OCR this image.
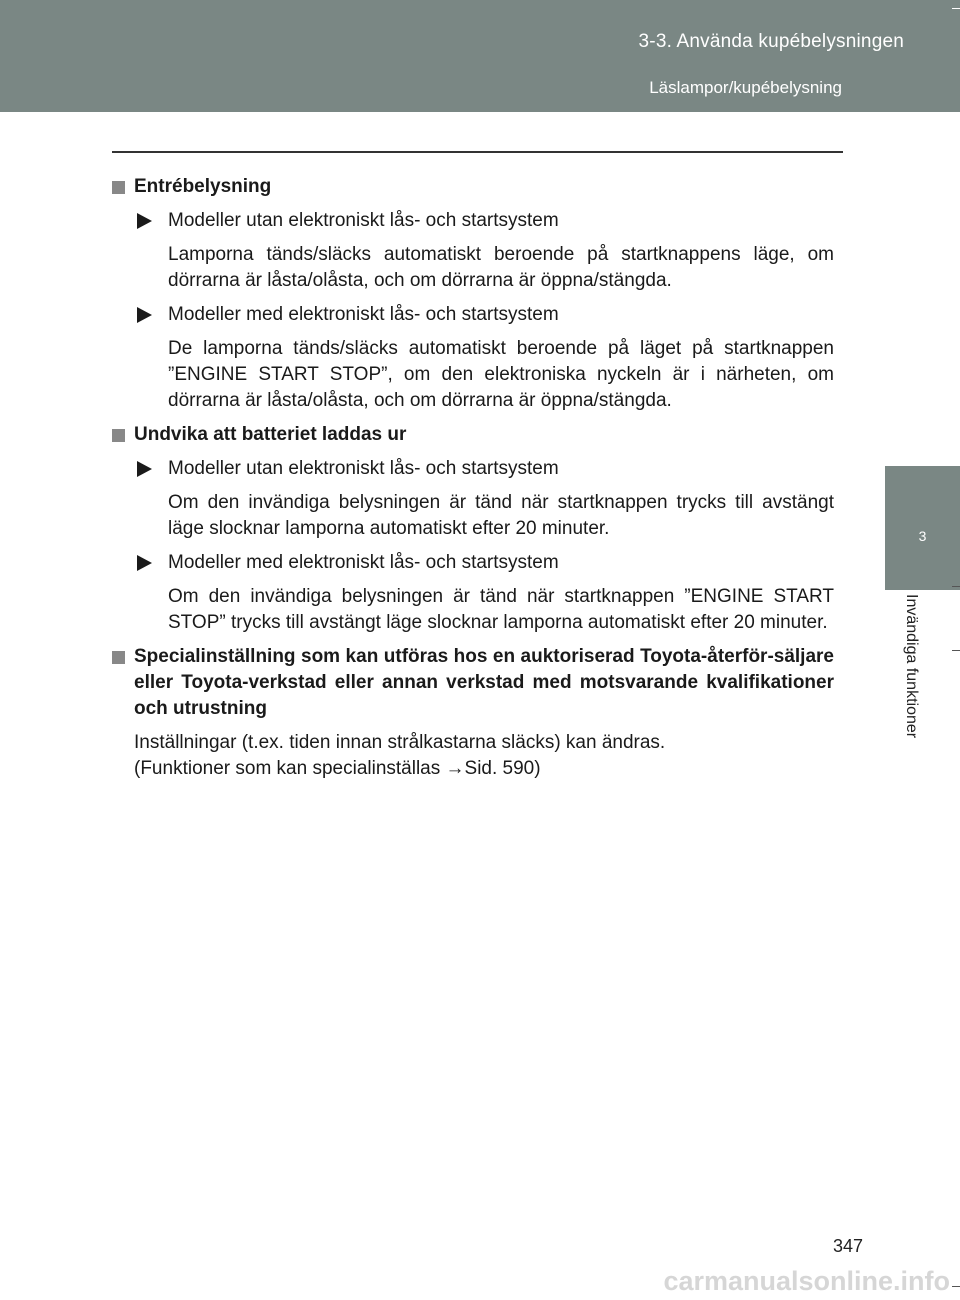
3-3. Använda kupébelysningen
Läslampor/kupébelysning
3
Invändiga funktioner
Entrébelysning
Modeller utan elektroniskt lås- och startsystem
Lamporna tänds/släcks automatiskt beroende på startknappens läge, om dörrarna är låsta/olåsta, och om dörrarna är öppna/stängda.
Modeller med elektroniskt lås- och startsystem
De lamporna tänds/släcks automatiskt beroende på läget på startknappen ”ENGINE START STOP”, om den elektroniska nyckeln är i närheten, om dörrarna är låsta/olåsta, och om dörrarna är öppna/stängda.
Undvika att batteriet laddas ur
Modeller utan elektroniskt lås- och startsystem
Om den invändiga belysningen är tänd när startknappen trycks till avstängt läge slocknar lamporna automatiskt efter 20 minuter.
Modeller med elektroniskt lås- och startsystem
Om den invändiga belysningen är tänd när startknappen ”ENGINE START STOP” trycks till avstängt läge slocknar lamporna automatiskt efter 20 minuter.
Specialinställning som kan utföras hos en auktoriserad Toyota-återför-säljare eller Toyota-verkstad eller annan verkstad med motsvarande kvalifikationer och utrustning
Inställningar (t.ex. tiden innan strålkastarna släcks) kan ändras.
(Funktioner som kan specialinställas →Sid. 590)
347
carmanualsonline.info
